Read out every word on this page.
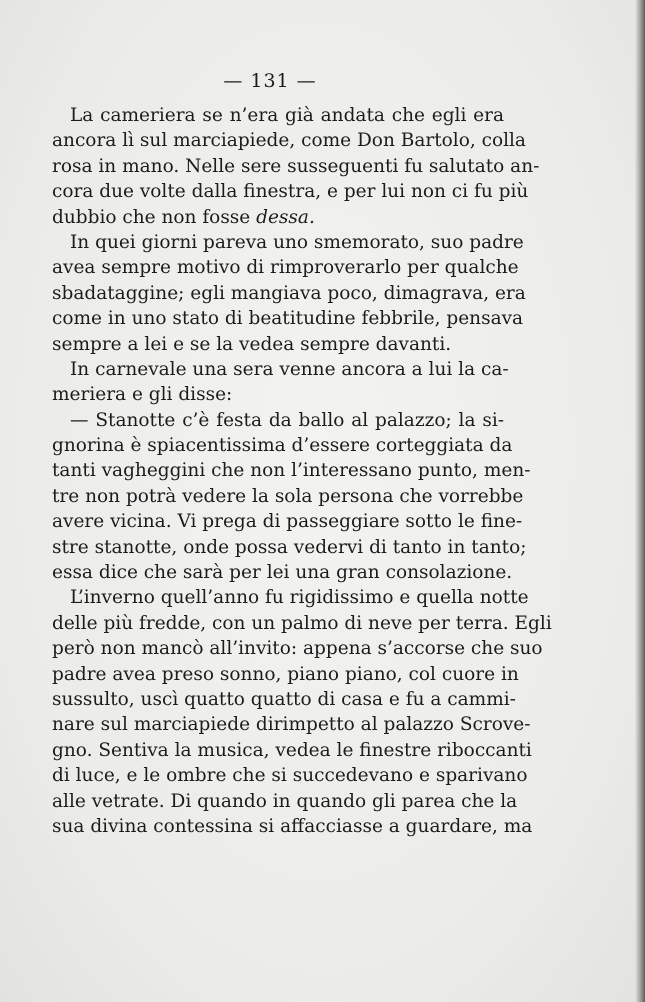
— 131 —
La cameriera se n’era già andata che egli era
ancora lì sul marciapiede, come Don Bartolo, colla
rosa in mano. Nelle sere susseguenti fu salutato an-
cora due volte dalla finestra, e per lui non ci fu più
dubbio che non fosse dessa.
In quei giorni pareva uno smemorato, suo padre
avea sempre motivo di rimproverarlo per qualche
sbadataggine; egli mangiava poco, dimagrava, era
come in uno stato di beatitudine febbrile, pensava
sempre a lei e se la vedea sempre davanti.
In carnevale una sera venne ancora a lui la ca-
meriera e gli disse:
— Stanotte c’è festa da ballo al palazzo; la si-
gnorina è spiacentissima d’essere corteggiata da
tanti vagheggini che non l’interessano punto, men-
tre non potrà vedere la sola persona che vorrebbe
avere vicina. Vi prega di passeggiare sotto le fine-
stre stanotte, onde possa vedervi di tanto in tanto;
essa dice che sarà per lei una gran consolazione.
L’inverno quell’anno fu rigidissimo e quella notte
delle più fredde, con un palmo di neve per terra. Egli
però non mancò all’invito: appena s’accorse che suo
padre avea preso sonno, piano piano, col cuore in
sussulto, uscì quatto quatto di casa e fu a cammi-
nare sul marciapiede dirimpetto al palazzo Scrove-
gno. Sentiva la musica, vedea le finestre riboccanti
di luce, e le ombre che si succedevano e sparivano
alle vetrate. Di quando in quando gli parea che la
sua divina contessina si affacciasse a guardare, ma
